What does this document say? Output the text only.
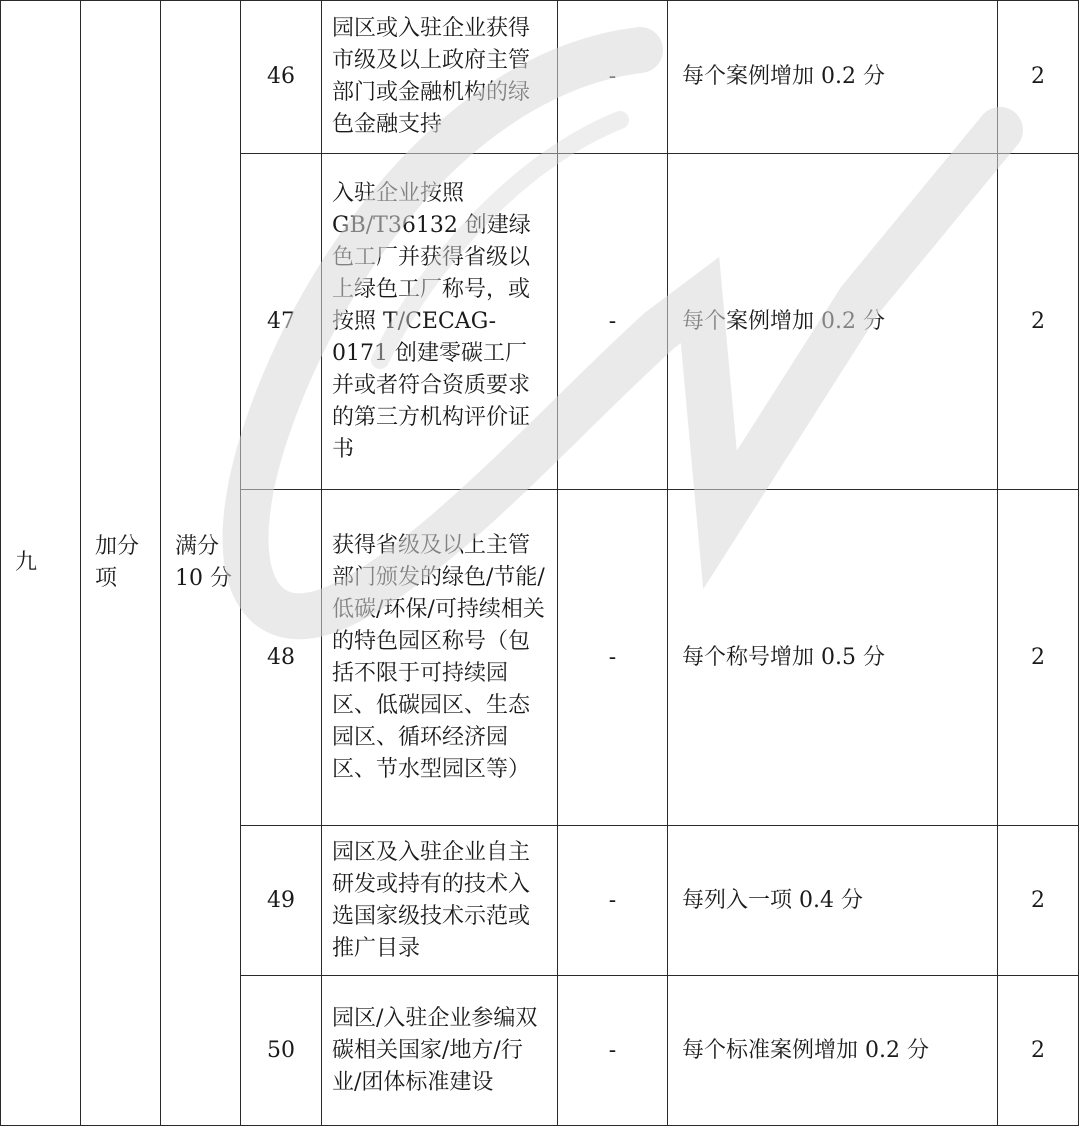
九	加分项	满分 10 分	46	园区或入驻企业获得市级及以上政府主管部门或金融机构的绿色金融支持	-	每个案例增加 0.2 分	2
			47	入驻企业按照 GB/T36132 创建绿色工厂并获得省级以上绿色工厂称号，或按照 T/CECAG-0171 创建零碳工厂并或者符合资质要求的第三方机构评价证书	-	每个案例增加 0.2 分	2
			48	获得省级及以上主管部门颁发的绿色/节能/低碳/环保/可持续相关的特色园区称号（包括不限于可持续园区、低碳园区、生态园区、循环经济园区、节水型园区等）	-	每个称号增加 0.5 分	2
			49	园区及入驻企业自主研发或持有的技术入选国家级技术示范或推广目录	-	每列入一项 0.4 分	2
			50	园区/入驻企业参编双碳相关国家/地方/行业/团体标准建设	-	每个标准案例增加 0.2 分	2
